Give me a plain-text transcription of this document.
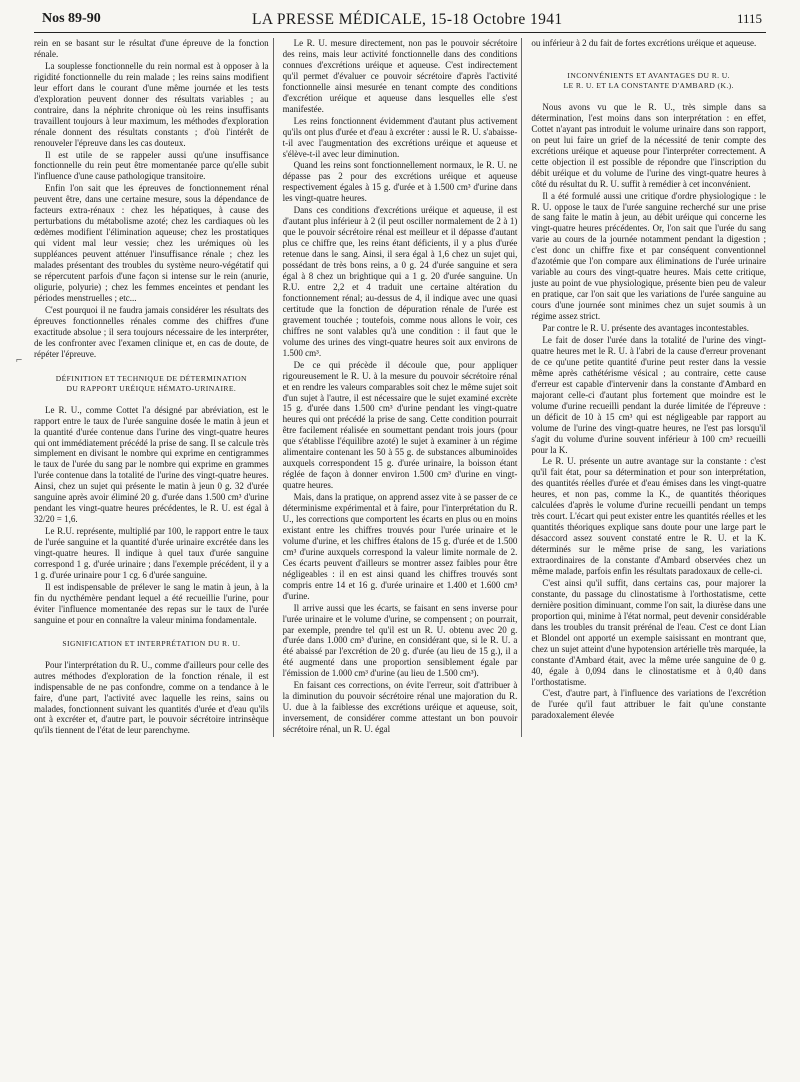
Nos 89-90	LA PRESSE MÉDICALE, 15-18 Octobre 1941	1115
⌐

rein en se basant sur le résultat d'une épreuve de la fonction rénale.

La souplesse fonctionnelle du rein normal est à opposer à la rigidité fonctionnelle du rein malade ; les reins sains modifient leur effort dans le courant d'une même journée et les tests d'exploration peuvent donner des résultats variables ; au contraire, dans la néphrite chronique où les reins insuffisants travaillent toujours à leur maximum, les méthodes d'exploration rénale donnent des résultats constants ; d'où l'intérêt de renouveler l'épreuve dans les cas douteux.

Il est utile de se rappeler aussi qu'une insuffisance fonctionnelle du rein peut être momentanée parce qu'elle subit l'influence d'une cause pathologique transitoire.

Enfin l'on sait que les épreuves de fonctionnement rénal peuvent être, dans une certaine mesure, sous la dépendance de facteurs extra-rénaux : chez les hépatiques, à cause des perturbations du métabolisme azoté; chez les cardiaques où les œdèmes modifient l'élimination aqueuse; chez les prostatiques qui vident mal leur vessie; chez les urémiques où les suppléances peuvent atténuer l'insuffisance rénale ; chez les malades présentant des troubles du système neuro-végétatif qui se répercutent parfois d'une façon si intense sur le rein (anurie, oligurie, polyurie) ; chez les femmes enceintes et pendant les périodes menstruelles ; etc...

C'est pourquoi il ne faudra jamais considérer les résultats des épreuves fonctionnelles rénales comme des chiffres d'une exactitude absolue ; il sera toujours nécessaire de les interpréter, de les confronter avec l'examen clinique et, en cas de doute, de répéter l'épreuve.

DÉFINITION ET TECHNIQUE DE DÉTERMINATION

DU RAPPORT URÉIQUE HÉMATO-URINAIRE.

Le R. U., comme Cottet l'a désigné par abréviation, est le rapport entre le taux de l'urée sanguine dosée le matin à jeun et la quantité d'urée contenue dans l'urine des vingt-quatre heures qui ont immédiatement précédé la prise de sang. Il se calcule très simplement en divisant le nombre qui exprime en centigrammes le taux de l'urée du sang par le nombre qui exprime en grammes l'urée contenue dans la totalité de l'urine des vingt-quatre heures. Ainsi, chez un sujet qui présente le matin à jeun 0 g. 32 d'urée sanguine après avoir éliminé 20 g. d'urée dans 1.500 cm³ d'urine pendant les vingt-quatre heures précédentes, le R. U. est égal à 32/20 = 1,6.

Le R.U. représente, multiplié par 100, le rapport entre le taux de l'urée sanguine et la quantité d'urée urinaire excrétée dans les vingt-quatre heures. Il indique à quel taux d'urée sanguine correspond 1 g. d'urée urinaire ; dans l'exemple précédent, il y a 1 g. d'urée urinaire pour 1 cg. 6 d'urée sanguine.

Il est indispensable de prélever le sang le matin à jeun, à la fin du nycthémère pendant lequel a été recueillie l'urine, pour éviter l'influence momentanée des repas sur le taux de l'urée sanguine et pour en connaître la valeur minima fondamentale.

SIGNIFICATION ET INTERPRÉTATION DU R. U.

Pour l'interprétation du R. U., comme d'ailleurs pour celle des autres méthodes d'exploration de la fonction rénale, il est indispensable de ne pas confondre, comme on a tendance à le faire, d'une part, l'activité avec laquelle les reins, sains ou malades, fonctionnent suivant les quantités d'urée et d'eau qu'ils ont à excréter et, d'autre part, le pouvoir sécrétoire intrinsèque qu'ils tiennent de l'état de leur parenchyme.

Le R. U. mesure directement, non pas le pouvoir sécrétoire des reins, mais leur activité fonctionnelle dans des conditions connues d'excrétions uréique et aqueuse. C'est indirectement qu'il permet d'évaluer ce pouvoir sécrétoire d'après l'activité fonctionnelle ainsi mesurée en tenant compte des conditions d'excrétion uréique et aqueuse dans lesquelles elle s'est manifestée.

Les reins fonctionnent évidemment d'autant plus activement qu'ils ont plus d'urée et d'eau à excréter : aussi le R. U. s'abaisse-t-il avec l'augmentation des excrétions uréique et aqueuse et s'élève-t-il avec leur diminution.

Quand les reins sont fonctionnellement normaux, le R. U. ne dépasse pas 2 pour des excrétions uréique et aqueuse respectivement égales à 15 g. d'urée et à 1.500 cm³ d'urine dans les vingt-quatre heures.

Dans ces conditions d'excrétions uréique et aqueuse, il est d'autant plus inférieur à 2 (il peut osciller normalement de 2 à 1) que le pouvoir sécrétoire rénal est meilleur et il dépasse d'autant plus ce chiffre que, les reins étant déficients, il y a plus d'urée retenue dans le sang. Ainsi, il sera égal à 1,6 chez un sujet qui, possédant de très bons reins, a 0 g. 24 d'urée sanguine et sera égal à 8 chez un brightique qui a 1 g. 20 d'urée sanguine. Un R.U. entre 2,2 et 4 traduit une certaine altération du fonctionnement rénal; au-dessus de 4, il indique avec une quasi certitude que la fonction de dépuration rénale de l'urée est gravement touchée ; toutefois, comme nous allons le voir, ces chiffres ne sont valables qu'à une condition : il faut que le volume des urines des vingt-quatre heures soit aux environs de 1.500 cm³.

De ce qui précède il découle que, pour appliquer rigoureusement le R. U. à la mesure du pouvoir sécrétoire rénal et en rendre les valeurs comparables soit chez le même sujet soit d'un sujet à l'autre, il est nécessaire que le sujet examiné excrète 15 g. d'urée dans 1.500 cm³ d'urine pendant les vingt-quatre heures qui ont précédé la prise de sang. Cette condition pourrait être facilement réalisée en soumettant pendant trois jours (pour que s'établisse l'équilibre azoté) le sujet à examiner à un régime alimentaire contenant les 50 à 55 g. de substances albuminoïdes auxquels correspondent 15 g. d'urée urinaire, la boisson étant réglée de façon à donner environ 1.500 cm³ d'urine en vingt-quatre heures.

Mais, dans la pratique, on apprend assez vite à se passer de ce déterminisme expérimental et à faire, pour l'interprétation du R. U., les corrections que comportent les écarts en plus ou en moins existant entre les chiffres trouvés pour l'urée urinaire et le volume d'urine, et les chiffres étalons de 15 g. d'urée et de 1.500 cm³ d'urine auxquels correspond la valeur limite normale de 2. Ces écarts peuvent d'ailleurs se montrer assez faibles pour être négligeables : il en est ainsi quand les chiffres trouvés sont compris entre 14 et 16 g. d'urée urinaire et 1.400 et 1.600 cm³ d'urine.

Il arrive aussi que les écarts, se faisant en sens inverse pour l'urée urinaire et le volume d'urine, se compensent ; on pourrait, par exemple, prendre tel qu'il est un R. U. obtenu avec 20 g. d'urée dans 1.000 cm³ d'urine, en considérant que, si le R. U. a été abaissé par l'excrétion de 20 g. d'urée (au lieu de 15 g.), il a été augmenté dans une proportion sensiblement égale par l'émission de 1.000 cm³ d'urine (au lieu de 1.500 cm³).

En faisant ces corrections, on évite l'erreur, soit d'attribuer à la diminution du pouvoir sécrétoire rénal une majoration du R. U. due à la faiblesse des excrétions uréique et aqueuse, soit, inversement, de considérer comme attestant un bon pouvoir sécrétoire rénal, un R. U. égal

ou inférieur à 2 du fait de fortes excrétions uréique et aqueuse.

INCONVÉNIENTS ET AVANTAGES DU R. U.

LE R. U. ET LA CONSTANTE D'AMBARD (K.).

Nous avons vu que le R. U., très simple dans sa détermination, l'est moins dans son interprétation : en effet, Cottet n'ayant pas introduit le volume urinaire dans son rapport, on peut lui faire un grief de la nécessité de tenir compte des excrétions uréique et aqueuse pour l'interpréter correctement. A cette objection il est possible de répondre que l'inscription du débit uréique et du volume de l'urine des vingt-quatre heures à côté du résultat du R. U. suffit à remédier à cet inconvénient.

Il a été formulé aussi une critique d'ordre physiologique : le R. U. oppose le taux de l'urée sanguine recherché sur une prise de sang faite le matin à jeun, au débit uréique qui concerne les vingt-quatre heures précédentes. Or, l'on sait que l'urée du sang varie au cours de la journée notamment pendant la digestion ; c'est donc un chiffre fixe et par conséquent conventionnel d'azotémie que l'on compare aux éliminations de l'urée urinaire variable au cours des vingt-quatre heures. Mais cette critique, juste au point de vue physiologique, présente bien peu de valeur en pratique, car l'on sait que les variations de l'urée sanguine au cours d'une journée sont minimes chez un sujet soumis à un régime assez strict.

Par contre le R. U. présente des avantages incontestables.

Le fait de doser l'urée dans la totalité de l'urine des vingt-quatre heures met le R. U. à l'abri de la cause d'erreur provenant de ce qu'une petite quantité d'urine peut rester dans la vessie même après cathétérisme vésical ; au contraire, cette cause d'erreur est capable d'intervenir dans la constante d'Ambard en majorant celle-ci d'autant plus fortement que moindre est le volume d'urine recueilli pendant la durée limitée de l'épreuve : un déficit de 10 à 15 cm³ qui est négligeable par rapport au volume de l'urine des vingt-quatre heures, ne l'est pas lorsqu'il s'agit du volume d'urine souvent inférieur à 100 cm³ recueilli pour la K.

Le R. U. présente un autre avantage sur la constante : c'est qu'il fait état, pour sa détermination et pour son interprétation, des quantités réelles d'urée et d'eau émises dans les vingt-quatre heures, et non pas, comme la K., de quantités théoriques calculées d'après le volume d'urine recueilli pendant un temps très court. L'écart qui peut exister entre les quantités réelles et les quantités théoriques explique sans doute pour une large part le désaccord assez souvent constaté entre le R. U. et la K. déterminés sur le même prise de sang, les variations extraordinaires de la constante d'Ambard observées chez un même malade, parfois enfin les résultats paradoxaux de celle-ci.

C'est ainsi qu'il suffit, dans certains cas, pour majorer la constante, du passage du clinostatisme à l'orthostatisme, cette dernière position diminuant, comme l'on sait, la diurèse dans une proportion qui, minime à l'état normal, peut devenir considérable dans les troubles du transit prérénal de l'eau. C'est ce dont Lian et Blondel ont apporté un exemple saisissant en montrant que, chez un sujet atteint d'une hypotension artérielle très marquée, la constante d'Ambard était, avec la même urée sanguine de 0 g. 40, égale à 0,094 dans le clinostatisme et à 0,40 dans l'orthostatisme.

C'est, d'autre part, à l'influence des variations de l'excrétion de l'urée qu'il faut attribuer le fait qu'une constante paradoxalement élevée
